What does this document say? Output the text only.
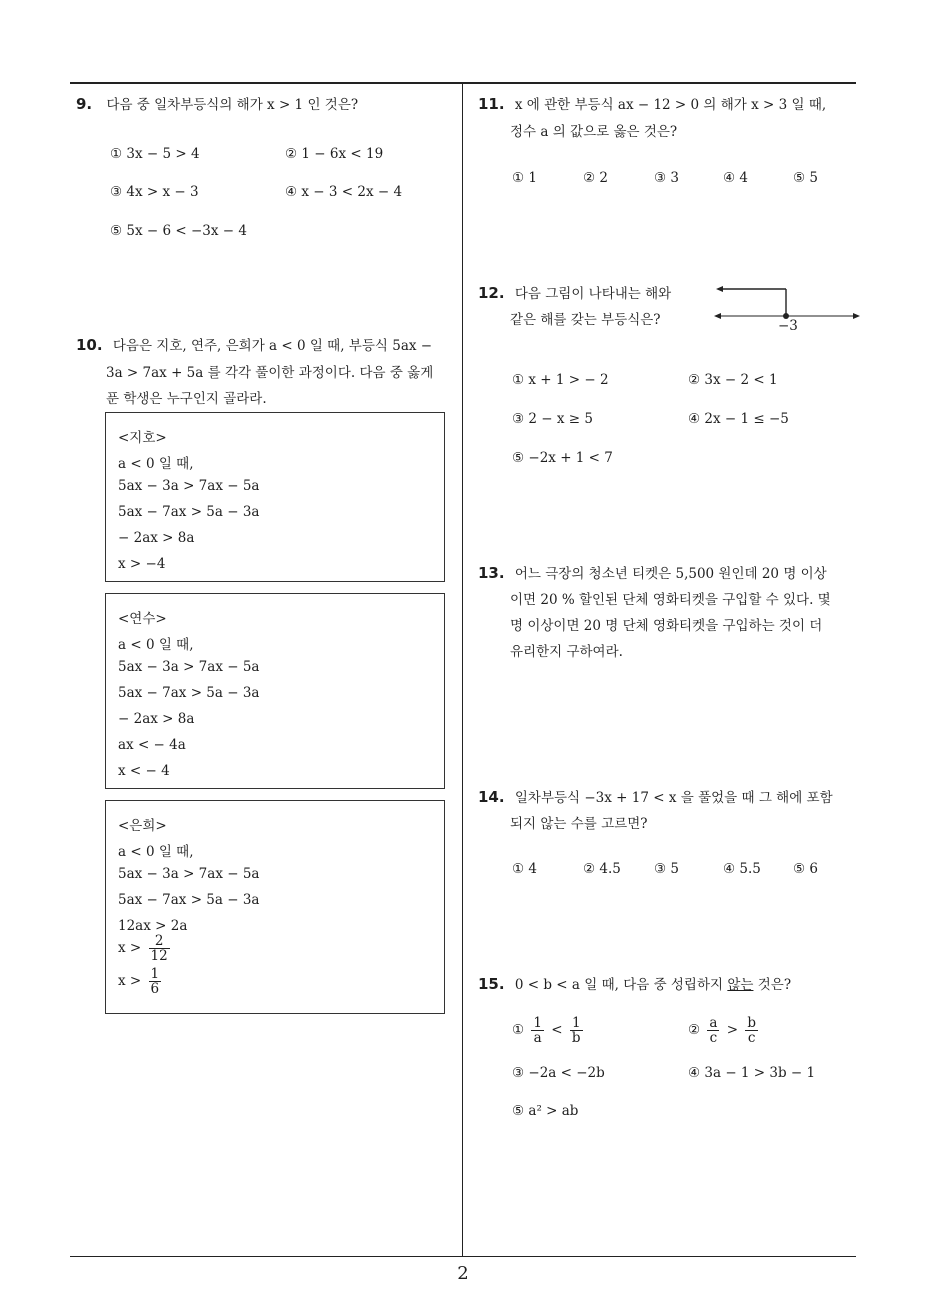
2
9. 다음 중 일차부등식의 해가 x > 1 인 것은?
① 3x − 5 > 4	② 1 − 6x < 19
③ 4x > x − 3	④ x − 3 < 2x − 4
⑤ 5x − 6 < −3x − 4
10. 다음은 지호, 연주, 은희가 a < 0 일 때, 부등식 5ax −
3a > 7ax + 5a 를 각각 풀이한 과정이다. 다음 중 옳게
푼 학생은 누구인지 골라라.
<지호>
a < 0 일 때,
5ax − 3a > 7ax − 5a
5ax − 7ax > 5a − 3a
− 2ax > 8a
x > −4
<연수>
a < 0 일 때,
5ax − 3a > 7ax − 5a
5ax − 7ax > 5a − 3a
− 2ax > 8a
ax < − 4a
x < − 4
<은희>
a < 0 일 때,
5ax − 3a > 7ax − 5a
5ax − 7ax > 5a − 3a
12ax > 2a
$x > \frac{2}{12}$
$x > \frac{1}{6}$
11. x 에 관한 부등식 ax − 12 > 0 의 해가 x > 3 일 때,
정수 a 의 값으로 옳은 것은?
① 1	② 2	③ 3	④ 4	⑤ 5
12. 다음 그림이 나타내는 해와
같은 해를 갖는 부등식은?	−3
① x + 1 > − 2	② 3x − 2 < 1
③ 2 − x ≥ 5	④ 2x − 1 ≤ −5
⑤ −2x + 1 < 7
13. 어느 극장의 청소년 티켓은 5,500 원인데 20 명 이상
이면 20 % 할인된 단체 영화티켓을 구입할 수 있다. 몇
명 이상이면 20 명 단체 영화티켓을 구입하는 것이 더
유리한지 구하여라.
14. 일차부등식 −3x + 17 < x 을 풀었을 때 그 해에 포함
되지 않는 수를 고르면?
① 4	② 4.5 ③ 5	④ 5.5 ⑤ 6
15. 0 < b < a 일 때, 다음 중 성립하지 않는 것은?
① $\frac{1}{a} < \frac{1}{b}$	② $\frac{a}{c} > \frac{b}{c}$
③ −2a < −2b	④ 3a − 1 > 3b − 1
⑤ a² > ab
